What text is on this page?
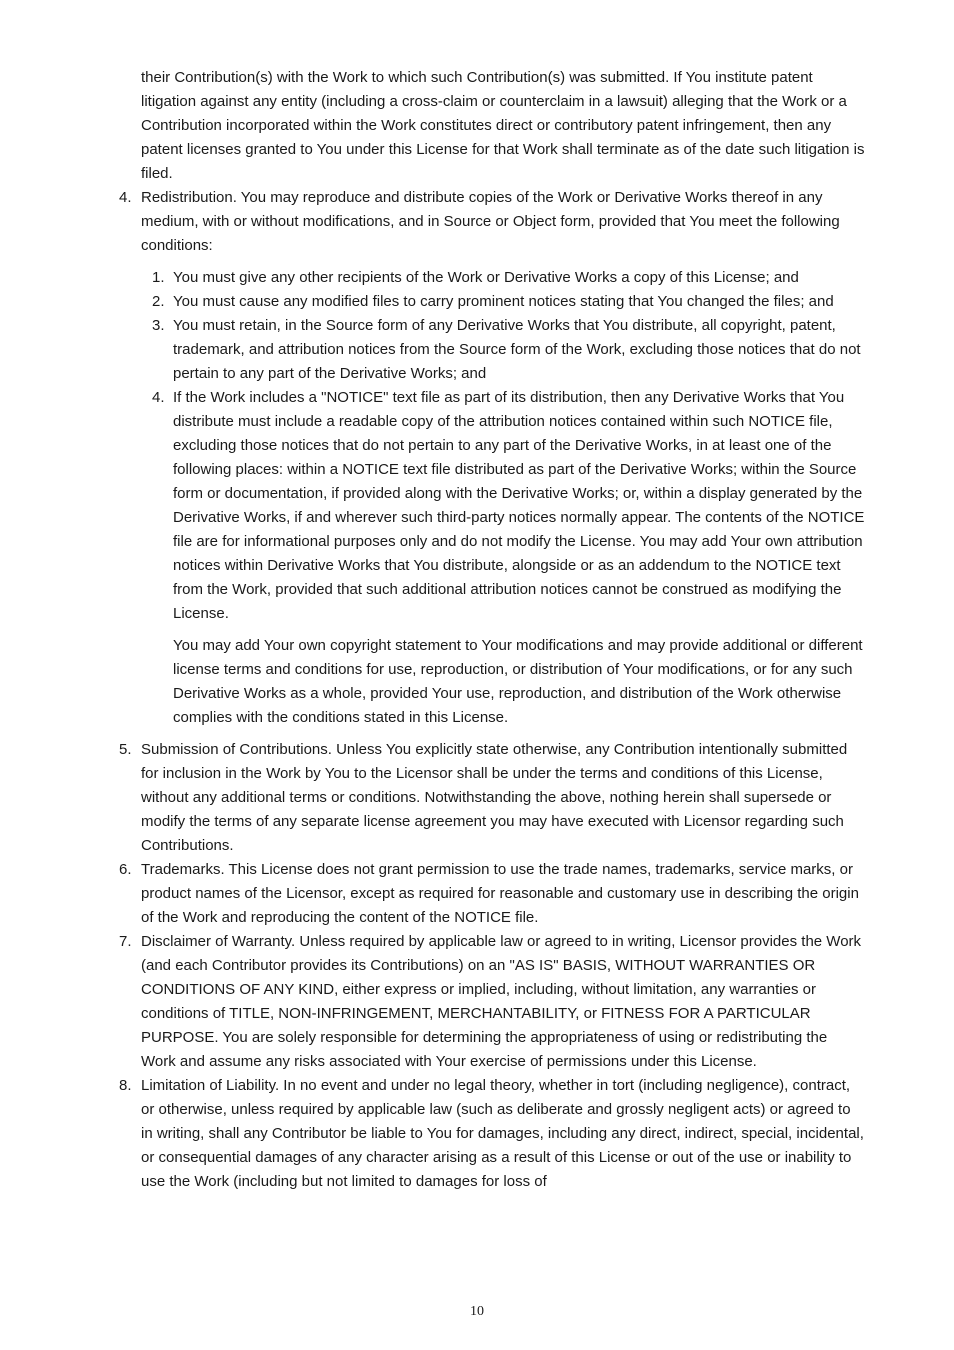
their Contribution(s) with the Work to which such Contribution(s) was submitted. If You institute patent litigation against any entity (including a cross-claim or counterclaim in a lawsuit) alleging that the Work or a Contribution incorporated within the Work constitutes direct or contributory patent infringement, then any patent licenses granted to You under this License for that Work shall terminate as of the date such litigation is filed.

4. Redistribution. You may reproduce and distribute copies of the Work or Derivative Works thereof in any medium, with or without modifications, and in Source or Object form, provided that You meet the following conditions:
1. You must give any other recipients of the Work or Derivative Works a copy of this License; and
2. You must cause any modified files to carry prominent notices stating that You changed the files; and
3. You must retain, in the Source form of any Derivative Works that You distribute, all copyright, patent, trademark, and attribution notices from the Source form of the Work, excluding those notices that do not pertain to any part of the Derivative Works; and
4. If the Work includes a "NOTICE" text file as part of its distribution, then any Derivative Works that You distribute must include a readable copy of the attribution notices contained within such NOTICE file, excluding those notices that do not pertain to any part of the Derivative Works, in at least one of the following places: within a NOTICE text file distributed as part of the Derivative Works; within the Source form or documentation, if provided along with the Derivative Works; or, within a display generated by the Derivative Works, if and wherever such third-party notices normally appear. The contents of the NOTICE file are for informational purposes only and do not modify the License. You may add Your own attribution notices within Derivative Works that You distribute, alongside or as an addendum to the NOTICE text from the Work, provided that such additional attribution notices cannot be construed as modifying the License.

You may add Your own copyright statement to Your modifications and may provide additional or different license terms and conditions for use, reproduction, or distribution of Your modifications, or for any such Derivative Works as a whole, provided Your use, reproduction, and distribution of the Work otherwise complies with the conditions stated in this License.

5. Submission of Contributions. Unless You explicitly state otherwise, any Contribution intentionally submitted for inclusion in the Work by You to the Licensor shall be under the terms and conditions of this License, without any additional terms or conditions. Notwithstanding the above, nothing herein shall supersede or modify the terms of any separate license agreement you may have executed with Licensor regarding such Contributions.
6. Trademarks. This License does not grant permission to use the trade names, trademarks, service marks, or product names of the Licensor, except as required for reasonable and customary use in describing the origin of the Work and reproducing the content of the NOTICE file.
7. Disclaimer of Warranty. Unless required by applicable law or agreed to in writing, Licensor provides the Work (and each Contributor provides its Contributions) on an "AS IS" BASIS, WITHOUT WARRANTIES OR CONDITIONS OF ANY KIND, either express or implied, including, without limitation, any warranties or conditions of TITLE, NON-INFRINGEMENT, MERCHANTABILITY, or FITNESS FOR A PARTICULAR PURPOSE. You are solely responsible for determining the appropriateness of using or redistributing the Work and assume any risks associated with Your exercise of permissions under this License.
8. Limitation of Liability. In no event and under no legal theory, whether in tort (including negligence), contract, or otherwise, unless required by applicable law (such as deliberate and grossly negligent acts) or agreed to in writing, shall any Contributor be liable to You for damages, including any direct, indirect, special, incidental, or consequential damages of any character arising as a result of this License or out of the use or inability to use the Work (including but not limited to damages for loss of
10
